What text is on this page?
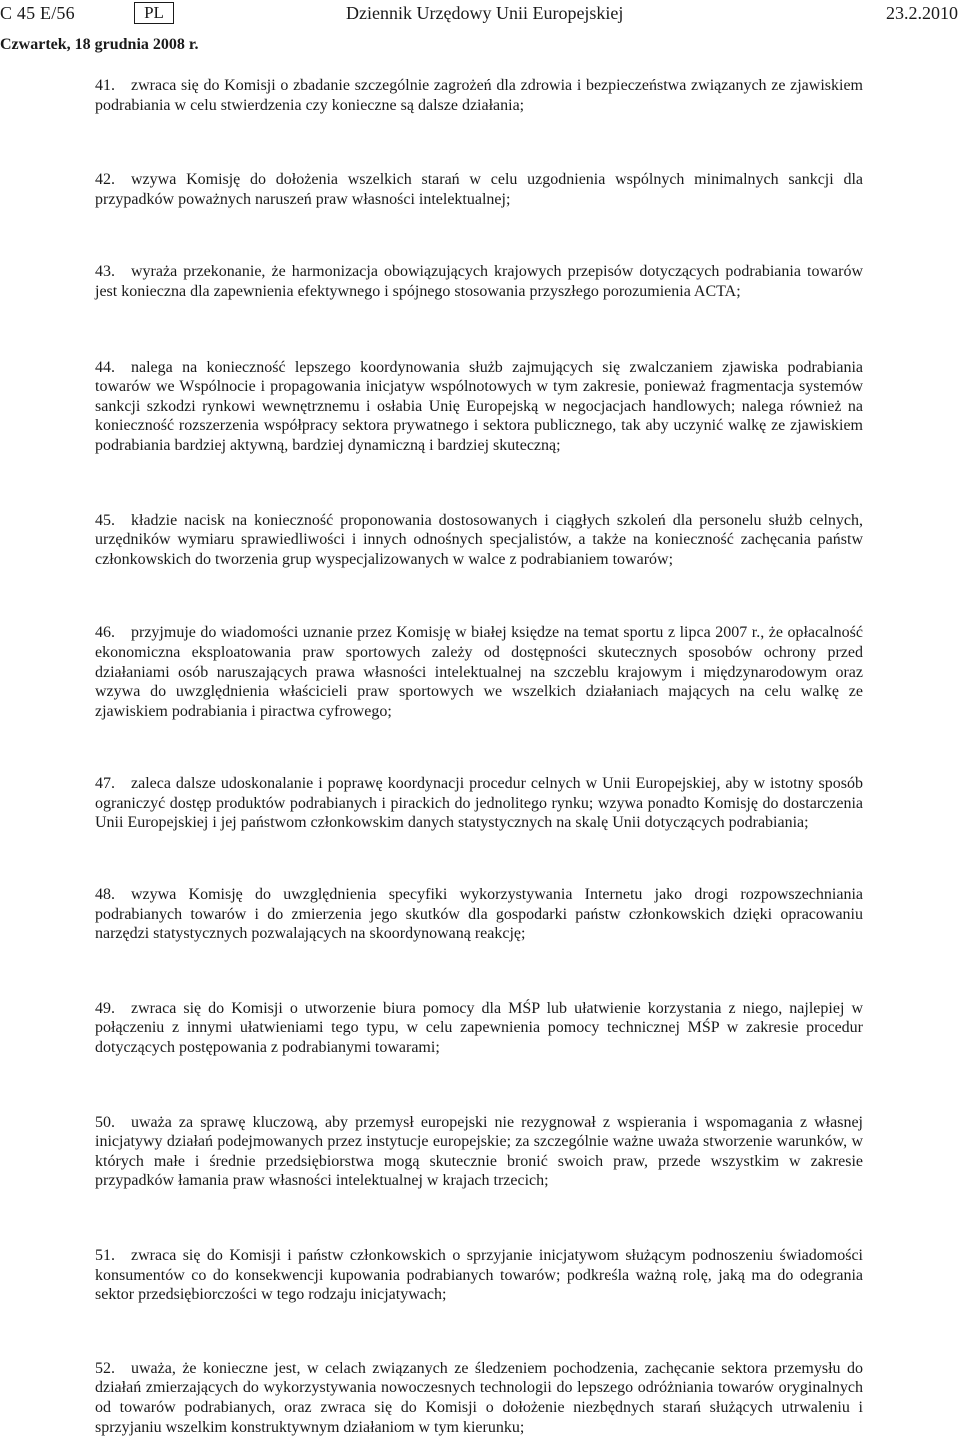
C 45 E/56	PL	Dziennik Urzędowy Unii Europejskiej	23.2.2010
Czwartek, 18 grudnia 2008 r.

41. zwraca się do Komisji o zbadanie szczególnie zagrożeń dla zdrowia i bezpieczeństwa związanych ze zjawiskiem podrabiania w celu stwierdzenia czy konieczne są dalsze działania;

42. wzywa Komisję do dołożenia wszelkich starań w celu uzgodnienia wspólnych minimalnych sankcji dla przypadków poważnych naruszeń praw własności intelektualnej;

43. wyraża przekonanie, że harmonizacja obowiązujących krajowych przepisów dotyczących podrabiania towarów jest konieczna dla zapewnienia efektywnego i spójnego stosowania przyszłego porozumienia ACTA;

44. nalega na konieczność lepszego koordynowania służb zajmujących się zwalczaniem zjawiska podrabiania towarów we Wspólnocie i propagowania inicjatyw wspólnotowych w tym zakresie, ponieważ fragmentacja systemów sankcji szkodzi rynkowi wewnętrznemu i osłabia Unię Europejską w negocjacjach handlowych; nalega również na konieczność rozszerzenia współpracy sektora prywatnego i sektora publicznego, tak aby uczynić walkę ze zjawiskiem podrabiania bardziej aktywną, bardziej dynamiczną i bardziej skuteczną;

45. kładzie nacisk na konieczność proponowania dostosowanych i ciągłych szkoleń dla personelu służb celnych, urzędników wymiaru sprawiedliwości i innych odnośnych specjalistów, a także na konieczność zachęcania państw członkowskich do tworzenia grup wyspecjalizowanych w walce z podrabianiem towarów;

46. przyjmuje do wiadomości uznanie przez Komisję w białej księdze na temat sportu z lipca 2007 r., że opłacalność ekonomiczna eksploatowania praw sportowych zależy od dostępności skutecznych sposobów ochrony przed działaniami osób naruszających prawa własności intelektualnej na szczeblu krajowym i międzynarodowym oraz wzywa do uwzględnienia właścicieli praw sportowych we wszelkich działaniach mających na celu walkę ze zjawiskiem podrabiania i piractwa cyfrowego;

47. zaleca dalsze udoskonalanie i poprawę koordynacji procedur celnych w Unii Europejskiej, aby w istotny sposób ograniczyć dostęp produktów podrabianych i pirackich do jednolitego rynku; wzywa ponadto Komisję do dostarczenia Unii Europejskiej i jej państwom członkowskim danych statystycznych na skalę Unii dotyczących podrabiania;

48. wzywa Komisję do uwzględnienia specyfiki wykorzystywania Internetu jako drogi rozpowszechniania podrabianych towarów i do zmierzenia jego skutków dla gospodarki państw członkowskich dzięki opracowaniu narzędzi statystycznych pozwalających na skoordynowaną reakcję;

49. zwraca się do Komisji o utworzenie biura pomocy dla MŚP lub ułatwienie korzystania z niego, najlepiej w połączeniu z innymi ułatwieniami tego typu, w celu zapewnienia pomocy technicznej MŚP w zakresie procedur dotyczących postępowania z podrabianymi towarami;

50. uważa za sprawę kluczową, aby przemysł europejski nie rezygnował z wspierania i wspomagania z własnej inicjatywy działań podejmowanych przez instytucje europejskie; za szczególnie ważne uważa stworzenie warunków, w których małe i średnie przedsiębiorstwa mogą skutecznie bronić swoich praw, przede wszystkim w zakresie przypadków łamania praw własności intelektualnej w krajach trzecich;

51. zwraca się do Komisji i państw członkowskich o sprzyjanie inicjatywom służącym podnoszeniu świadomości konsumentów co do konsekwencji kupowania podrabianych towarów; podkreśla ważną rolę, jaką ma do odegrania sektor przedsiębiorczości w tego rodzaju inicjatywach;

52. uważa, że konieczne jest, w celach związanych ze śledzeniem pochodzenia, zachęcanie sektora przemysłu do działań zmierzających do wykorzystywania nowoczesnych technologii do lepszego odróżniania towarów oryginalnych od towarów podrabianych, oraz zwraca się do Komisji o dołożenie niezbędnych starań służących utrwaleniu i sprzyjaniu wszelkim konstruktywnym działaniom w tym kierunku;
